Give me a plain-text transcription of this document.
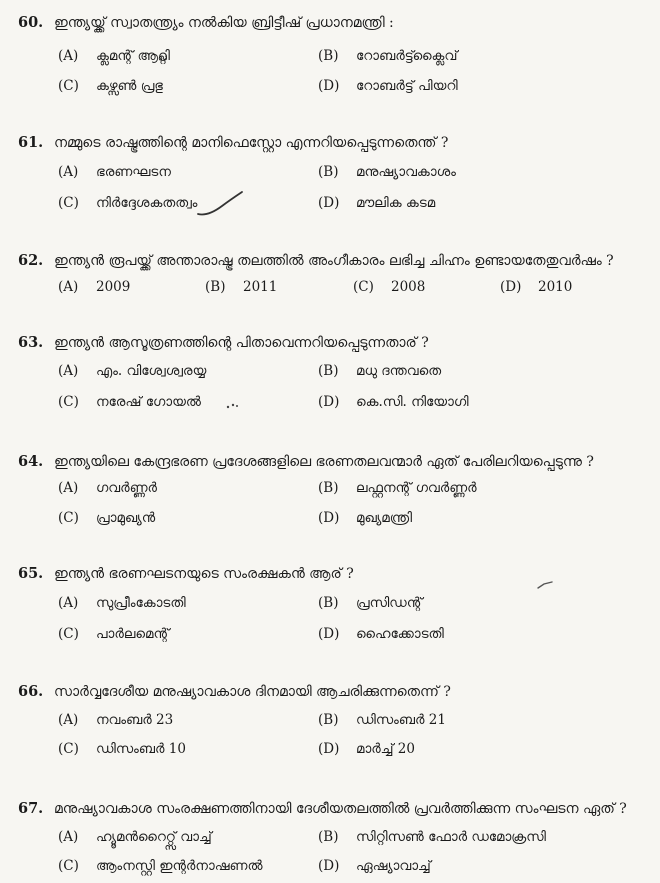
60. ഇന്ത്യയ്ക്ക് സ്വാതന്ത്ര്യം നൽകിയ ബ്രിട്ടീഷ് പ്രധാനമന്ത്രി :
(A) ക്ലമന്റ് ആറ്റ്ലി	(B) റോബർട്ട്ക്ലൈവ്
(C) കഴ്സൺ പ്രഭു	(D) റോബർട്ട് പിയറി
61. നമ്മുടെ രാഷ്ട്രത്തിന്റെ മാനിഫെസ്റ്റോ എന്നറിയപ്പെടുന്നതെന്ത് ?
(A) ഭരണഘടന	(B) മനുഷ്യാവകാശം
(C) നിർദ്ദേശകതത്വം	(D) മൗലിക കടമ
62. ഇന്ത്യൻ രൂപയ്ക്ക് അന്താരാഷ്ട്ര തലത്തിൽ അംഗീകാരം ലഭിച്ച ചിഹ്നം ഉണ്ടായതേതുവർഷം ?
(A) 2009	(B) 2011	(C) 2008	(D) 2010
63. ഇന്ത്യൻ ആസൂത്രണത്തിന്റെ പിതാവെന്നറിയപ്പെടുന്നതാര് ?
(A) എം. വിശ്വേശ്വരയ്യ	(B) മധു ദന്തവതെ
(C) നരേഷ് ഗോയൽ	(D) കെ.സി. നിയോഗി
64. ഇന്ത്യയിലെ കേന്ദ്രഭരണ പ്രദേശങ്ങളിലെ ഭരണതലവന്മാർ ഏത് പേരിലറിയപ്പെടുന്നു ?
(A) ഗവർണ്ണർ	(B) ലഫ്റ്റനന്റ് ഗവർണ്ണർ
(C) പ്രാമുഖ്യൻ	(D) മുഖ്യമന്ത്രി
65. ഇന്ത്യൻ ഭരണഘടനയുടെ സംരക്ഷകൻ ആര് ?
(A) സുപ്രീംകോടതി	(B) പ്രസിഡന്റ്
(C) പാർലമെന്റ്	(D) ഹൈക്കോടതി
66. സാർവ്വദേശീയ മനുഷ്യാവകാശ ദിനമായി ആചരിക്കുന്നതെന്ന് ?
(A) നവംബർ 23	(B) ഡിസംബർ 21
(C) ഡിസംബർ 10	(D) മാർച്ച് 20
67. മനുഷ്യാവകാശ സംരക്ഷണത്തിനായി ദേശീയതലത്തിൽ പ്രവർത്തിക്കുന്ന സംഘടന ഏത് ?
(A) ഹ്യൂമൻറൈറ്റ്സ് വാച്ച്	(B) സിറ്റിസൺ ഫോർ ഡമോക്രസി
(C) ആംനസ്റ്റി ഇന്റർനാഷണൽ	(D) ഏഷ്യാവാച്ച്
